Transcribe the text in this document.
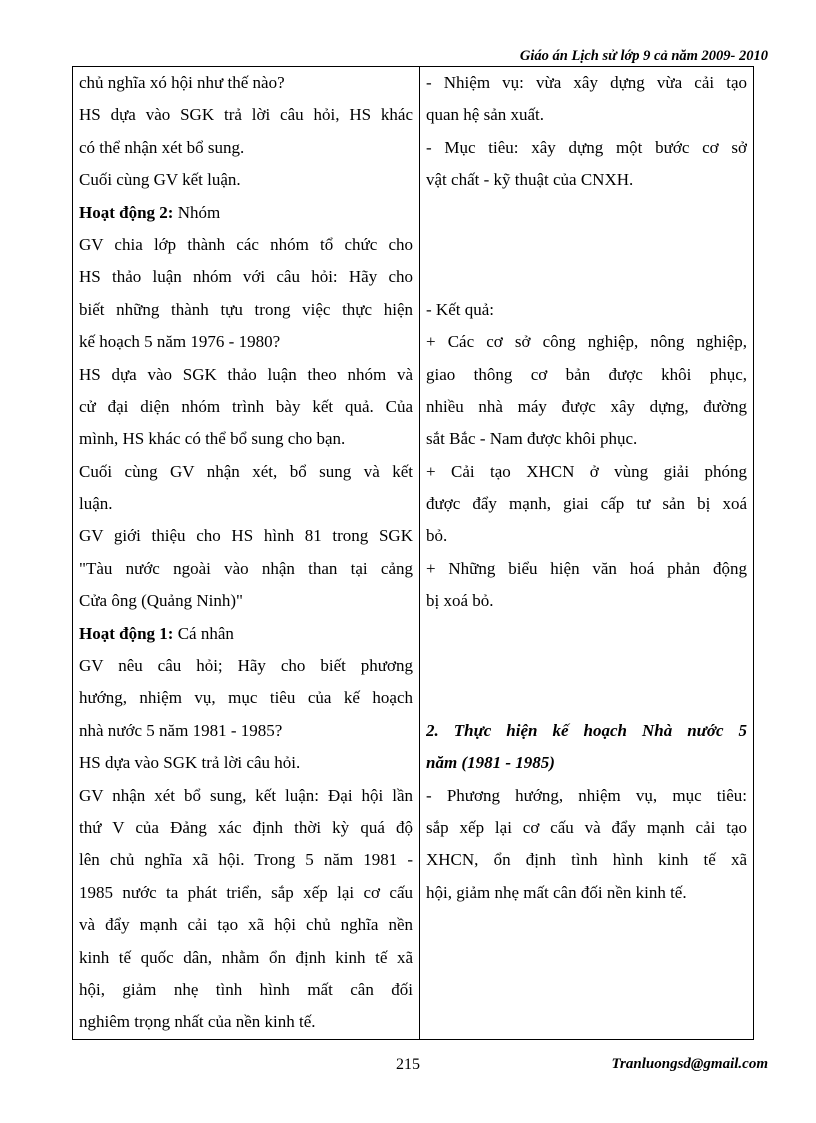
Giáo án Lịch sử lớp 9 cả năm 2009- 2010
chủ nghĩa xó hội như thế nào?
HS dựa vào SGK trả lời câu hỏi, HS khác
có thể nhận xét bổ sung.
Cuối cùng GV kết luận.
Hoạt động 2: Nhóm
GV chia lớp thành các nhóm tổ chức cho
HS thảo luận nhóm với câu hỏi: Hãy cho
biết những thành tựu trong việc thực hiện
kế hoạch 5 năm 1976 - 1980?
HS dựa vào SGK thảo luận theo nhóm và
cử đại diện nhóm trình bày kết quả. Của
mình, HS khác có thể bổ sung cho bạn.
Cuối cùng GV nhận xét, bổ sung và kết
luận.
GV giới thiệu cho HS hình 81 trong SGK
"Tàu nước ngoài vào nhận than tại cảng
Cửa ông (Quảng Ninh)"
Hoạt động 1: Cá nhân
GV nêu câu hỏi; Hãy cho biết phương
hướng, nhiệm vụ, mục tiêu của kế hoạch
nhà nước 5 năm 1981 - 1985?
HS dựa vào SGK trả lời câu hỏi.
GV nhận xét bổ sung, kết luận: Đại hội lần
thứ V của Đảng xác định thời kỳ quá độ
lên chủ nghĩa xã hội. Trong 5 năm 1981 -
1985 nước ta phát triển, sắp xếp lại cơ cấu
và đẩy mạnh cải tạo xã hội chủ nghĩa nền
kinh tế quốc dân, nhằm ổn định kinh tế xã
hội, giảm nhẹ tình hình mất cân đối
nghiêm trọng nhất của nền kinh tế.

- Nhiệm vụ: vừa xây dựng vừa cải tạo
quan hệ sản xuất.
- Mục tiêu: xây dựng một bước cơ sở
vật chất - kỹ thuật của CNXH.
- Kết quả:
+ Các cơ sở công nghiệp, nông nghiệp,
giao thông cơ bản được khôi phục,
nhiều nhà máy được xây dựng, đường
sắt Bắc - Nam được khôi phục.
+ Cải tạo XHCN ở vùng giải phóng
được đẩy mạnh, giai cấp tư sản bị xoá
bỏ.
+ Những biểu hiện văn hoá phản động
bị xoá bỏ.
2. Thực hiện kế hoạch Nhà nước 5
năm (1981 - 1985)
- Phương hướng, nhiệm vụ, mục tiêu:
sắp xếp lại cơ cấu và đẩy mạnh cải tạo
XHCN, ổn định tình hình kinh tế xã
hội, giảm nhẹ mất cân đối nền kinh tế.
215	Tranluongsd@gmail.com
